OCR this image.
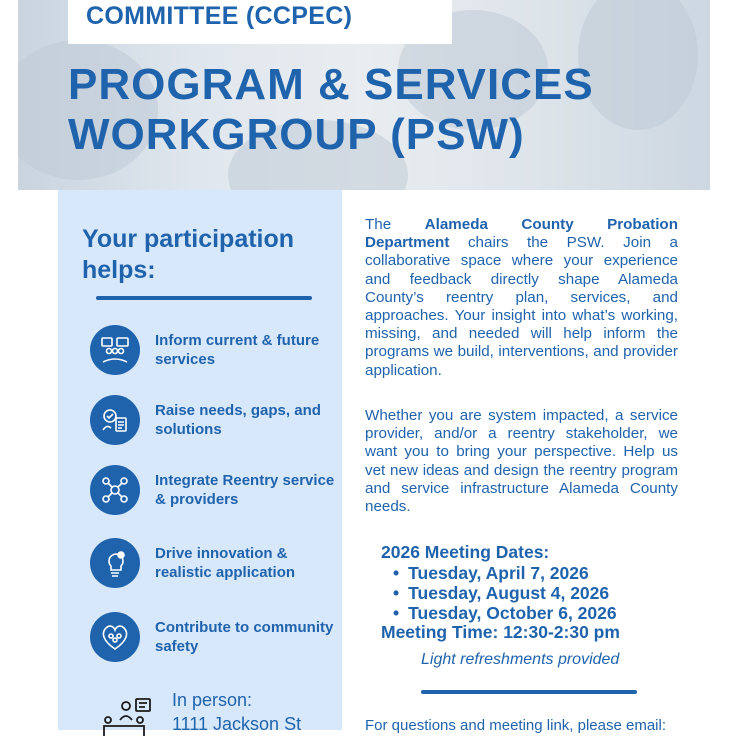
COMMITTEE (CCPEC)
PROGRAM & SERVICES
WORKGROUP (PSW)
Your participation helps:
Inform current & future services
Raise needs, gaps, and solutions
Integrate Reentry service & providers
Drive innovation & realistic application
Contribute to community safety
In person:
1111 Jackson St
The Alameda County Probation Department chairs the PSW. Join a collaborative space where your experience and feedback directly shape Alameda County’s reentry plan, services, and approaches. Your insight into what’s working, missing, and needed will help inform the programs we build, interventions, and provider application.
Whether you are system impacted, a service provider, and/or a reentry stakeholder, we want you to bring your perspective. Help us vet new ideas and design the reentry program and service infrastructure Alameda County needs.
2026 Meeting Dates:
• Tuesday, April 7, 2026
• Tuesday, August 4, 2026
• Tuesday, October 6, 2026
Meeting Time: 12:30-2:30 pm
Light refreshments provided
For questions and meeting link, please email:
